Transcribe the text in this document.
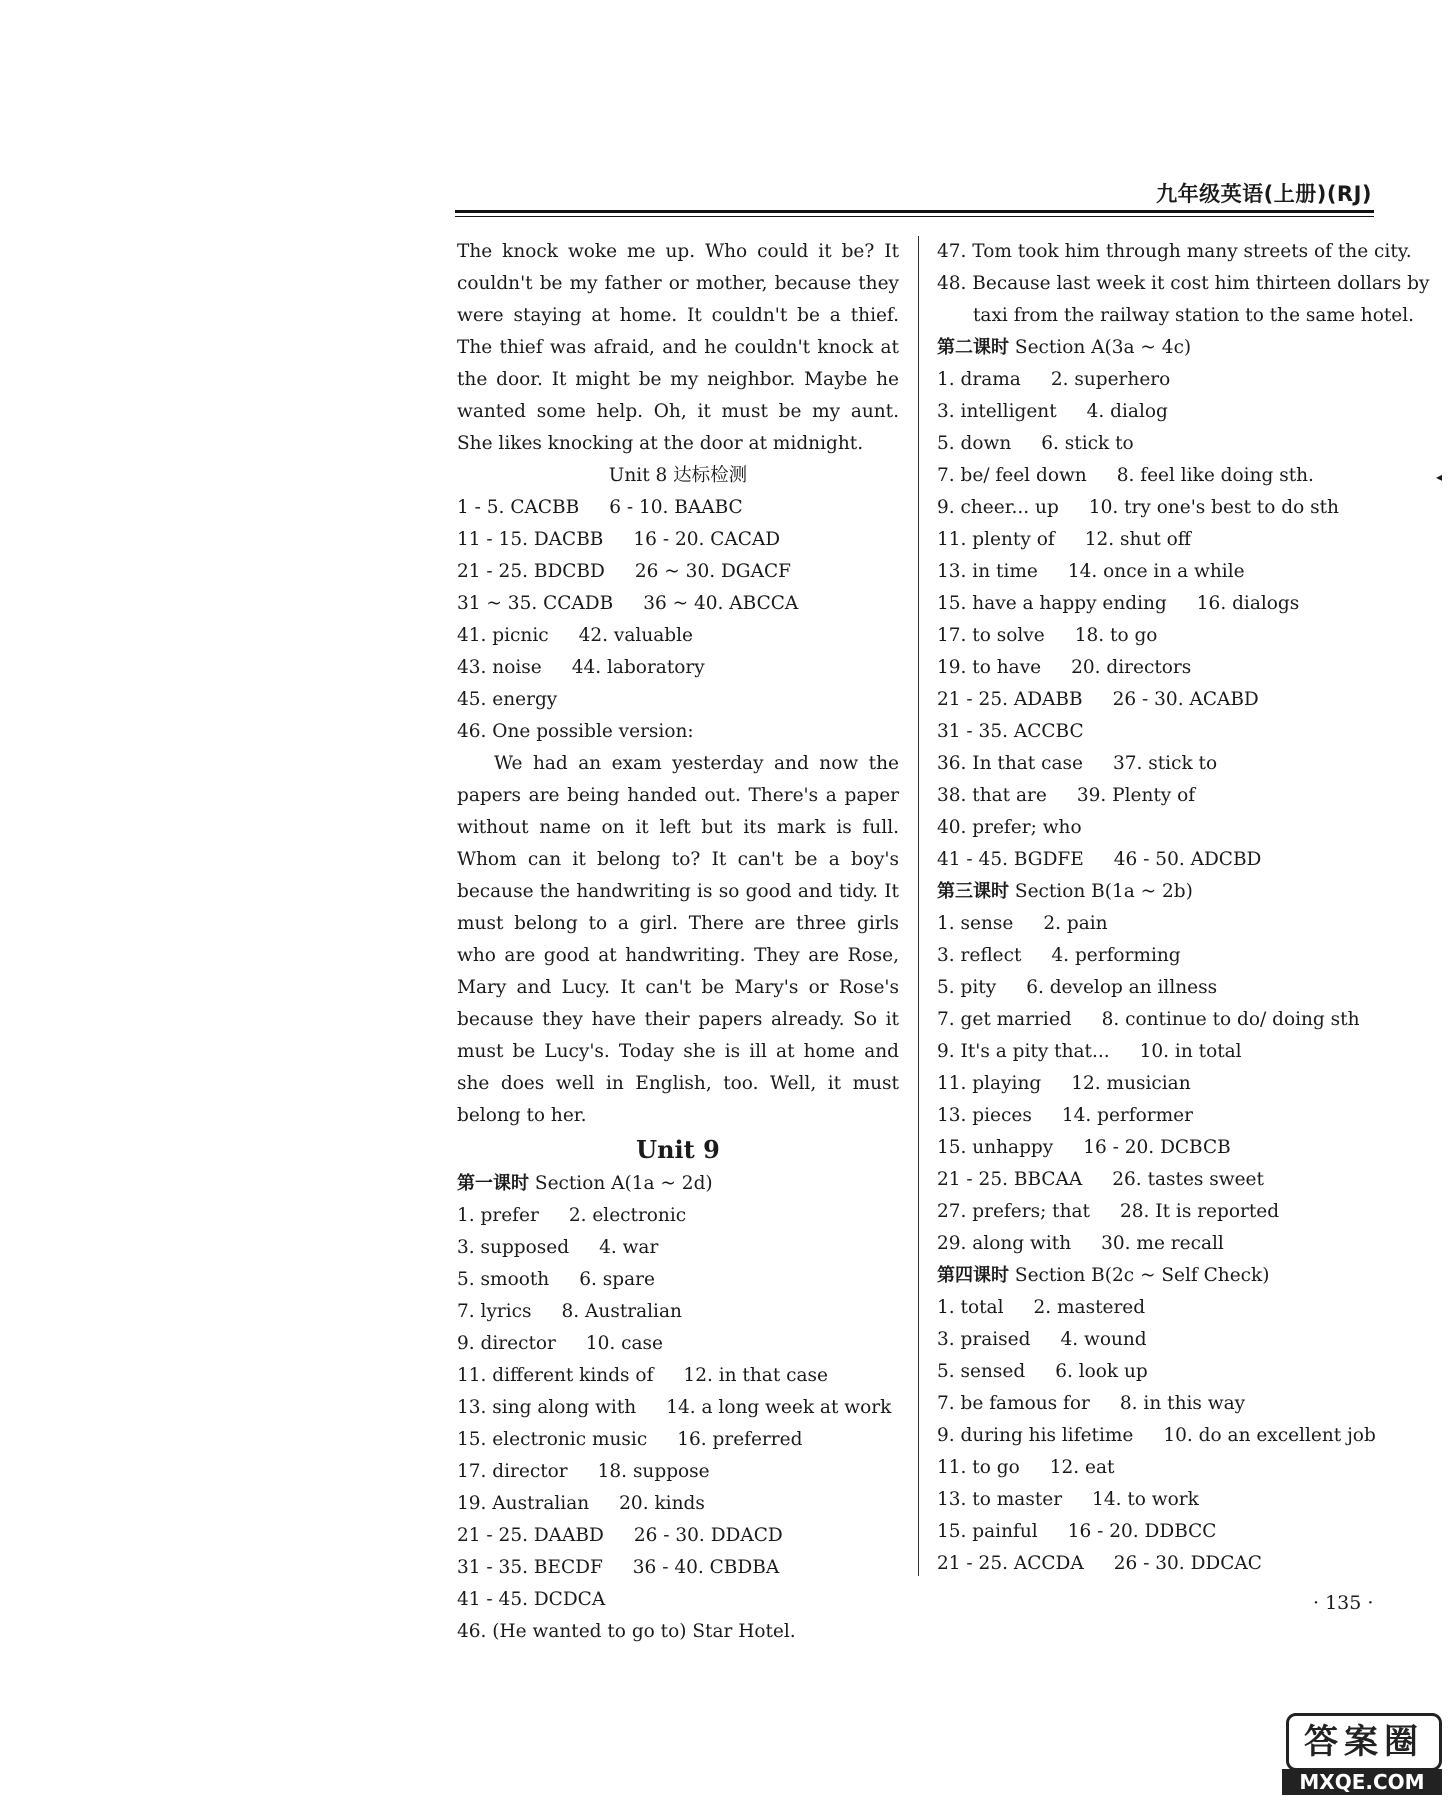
九年级英语(上册)(RJ)
The knock woke me up. Who could it be? It couldn't be my father or mother, because they were staying at home. It couldn't be a thief. The thief was afraid, and he couldn't knock at the door. It might be my neighbor. Maybe he wanted some help. Oh, it must be my aunt. She likes knocking at the door at midnight.
Unit 8 达标检测
1 - 5. CACBB 6 - 10. BAABC
11 - 15. DACBB 16 - 20. CACAD
21 - 25. BDCBD 26 ~ 30. DGACF
31 ~ 35. CCADB 36 ~ 40. ABCCA
41. picnic 42. valuable
43. noise 44. laboratory
45. energy
46. One possible version:
We had an exam yesterday and now the papers are being handed out. There's a paper without name on it left but its mark is full. Whom can it belong to? It can't be a boy's because the handwriting is so good and tidy. It must belong to a girl. There are three girls who are good at handwriting. They are Rose, Mary and Lucy. It can't be Mary's or Rose's because they have their papers already. So it must be Lucy's. Today she is ill at home and she does well in English, too. Well, it must belong to her.
Unit 9
第一课时 Section A(1a ~ 2d)
1. prefer 2. electronic
3. supposed 4. war
5. smooth 6. spare
7. lyrics 8. Australian
9. director 10. case
11. different kinds of 12. in that case
13. sing along with 14. a long week at work
15. electronic music 16. preferred
17. director 18. suppose
19. Australian 20. kinds
21 - 25. DAABD 26 - 30. DDACD
31 - 35. BECDF 36 - 40. CBDBA
41 - 45. DCDCA
46. (He wanted to go to) Star Hotel.
47. Tom took him through many streets of the city.
48. Because last week it cost him thirteen dollars by
taxi from the railway station to the same hotel.
第二课时 Section A(3a ~ 4c)
1. drama 2. superhero
3. intelligent 4. dialog
5. down 6. stick to
7. be/ feel down 8. feel like doing sth.
9. cheer... up 10. try one's best to do sth
11. plenty of 12. shut off
13. in time 14. once in a while
15. have a happy ending 16. dialogs
17. to solve 18. to go
19. to have 20. directors
21 - 25. ADABB 26 - 30. ACABD
31 - 35. ACCBC
36. In that case 37. stick to
38. that are 39. Plenty of
40. prefer; who
41 - 45. BGDFE 46 - 50. ADCBD
第三课时 Section B(1a ~ 2b)
1. sense 2. pain
3. reflect 4. performing
5. pity 6. develop an illness
7. get married 8. continue to do/ doing sth
9. It's a pity that... 10. in total
11. playing 12. musician
13. pieces 14. performer
15. unhappy 16 - 20. DCBCB
21 - 25. BBCAA 26. tastes sweet
27. prefers; that 28. It is reported
29. along with 30. me recall
第四课时 Section B(2c ~ Self Check)
1. total 2. mastered
3. praised 4. wound
5. sensed 6. look up
7. be famous for 8. in this way
9. during his lifetime 10. do an excellent job
11. to go 12. eat
13. to master 14. to work
15. painful 16 - 20. DDBCC
21 - 25. ACCDA 26 - 30. DDCAC
· 135 ·
◂
答案圈
MXQE.COM
